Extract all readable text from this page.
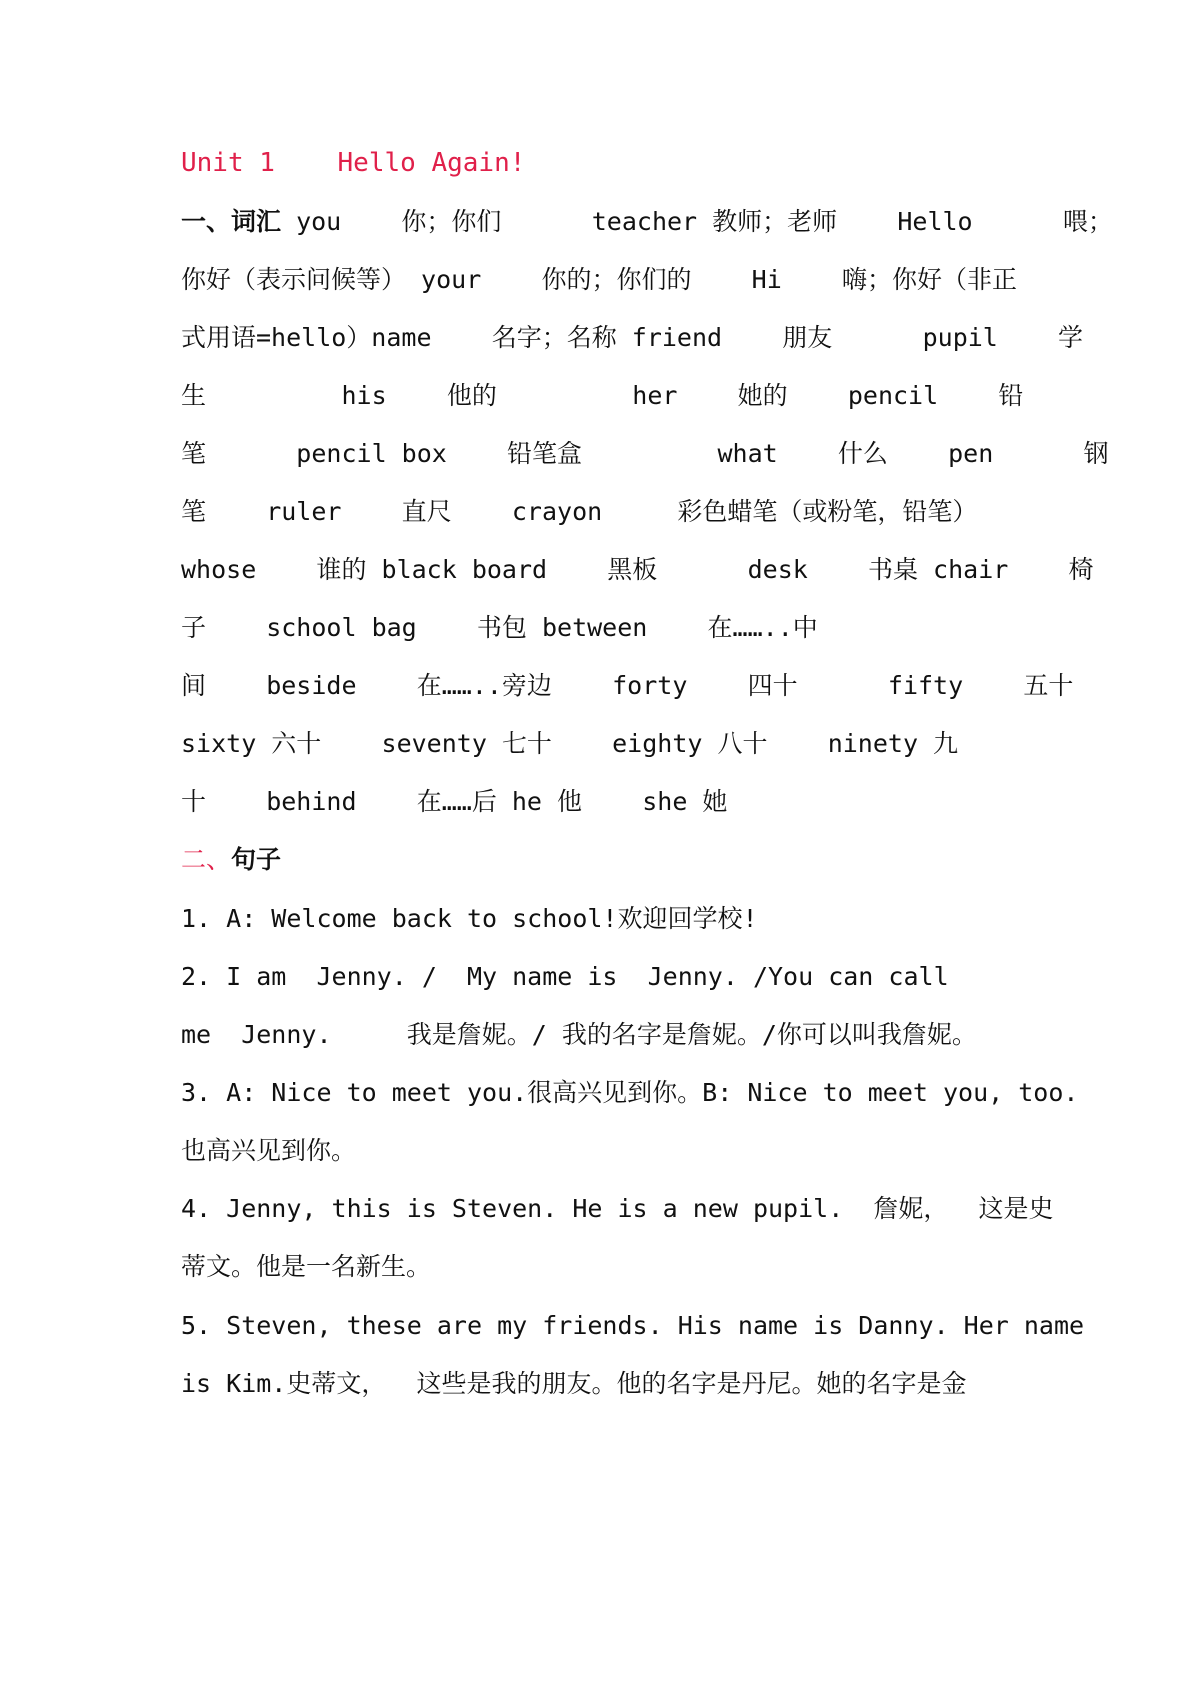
Unit 1    Hello Again!
一、词汇 you    你；你们      teacher 教师；老师    Hello      喂；
你好（表示问候等） your    你的；你们的    Hi    嗨；你好（非正
式用语=hello）name    名字；名称 friend    朋友      pupil    学
生         his    他的         her    她的    pencil    铅
笔      pencil box    铅笔盒         what    什么    pen      钢
笔    ruler    直尺    crayon     彩色蜡笔（或粉笔，铅笔）
whose    谁的 black board    黑板      desk    书桌 chair    椅
子    school bag    书包 between    在……..中
间    beside    在……..旁边    forty    四十      fifty    五十
sixty 六十    seventy 七十    eighty 八十    ninety 九
十    behind    在……后 he 他    she 她
二、句子
1. A: Welcome back to school!欢迎回学校!
2. I am  Jenny. /  My name is  Jenny. /You can call
me  Jenny.     我是詹妮。/ 我的名字是詹妮。/你可以叫我詹妮。
3. A: Nice to meet you.很高兴见到你。B: Nice to meet you, too.
也高兴见到你。
4. Jenny, this is Steven. He is a new pupil.  詹妮，  这是史
蒂文。他是一名新生。
5. Steven, these are my friends. His name is Danny. Her name
is Kim.史蒂文，  这些是我的朋友。他的名字是丹尼。她的名字是金
